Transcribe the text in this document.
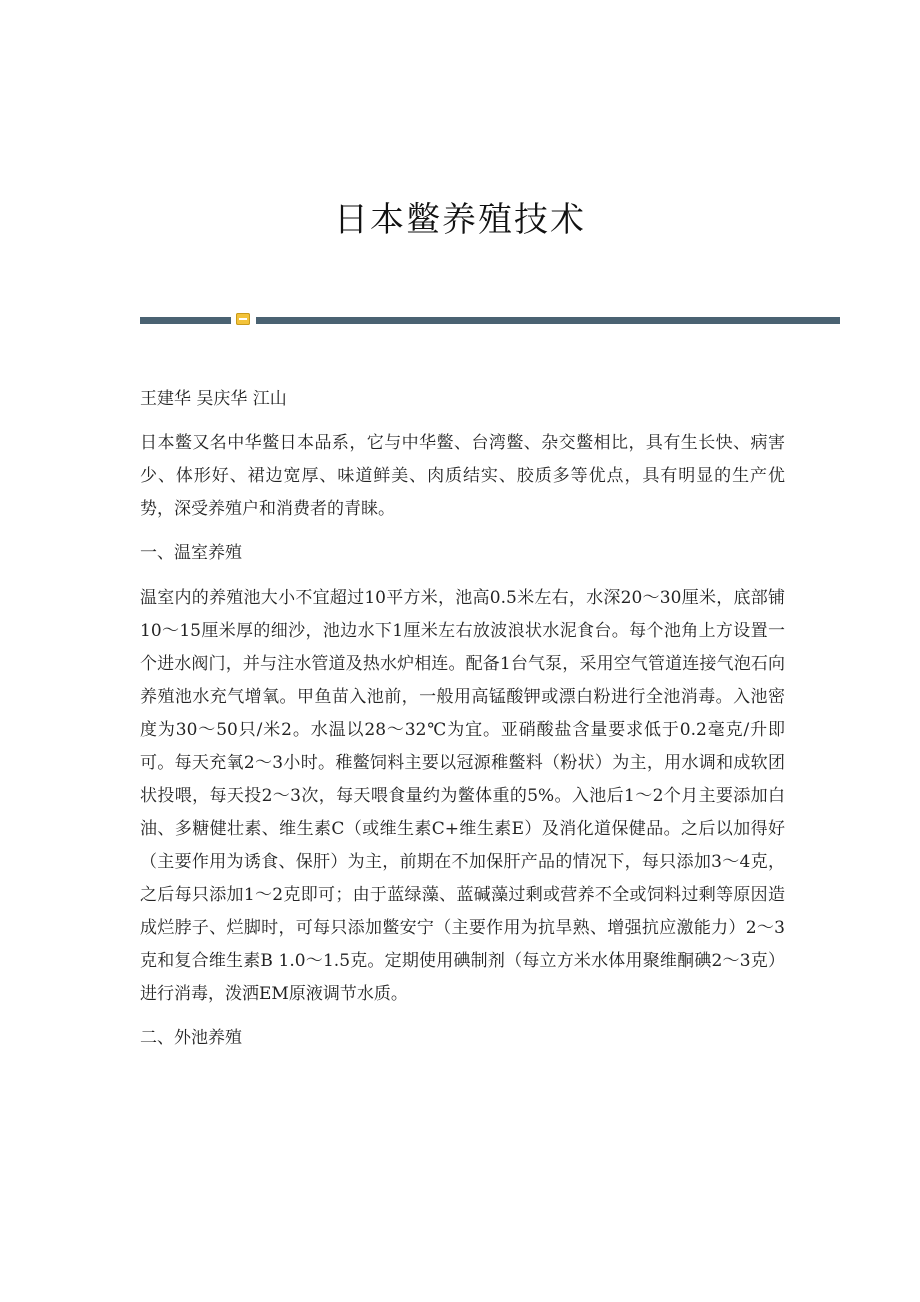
日本鳖养殖技术

王建华 吴庆华 江山

日本鳖又名中华鳖日本品系，它与中华鳖、台湾鳖、杂交鳖相比，具有生长快、病害少、体形好、裙边宽厚、味道鲜美、肉质结实、胶质多等优点，具有明显的生产优势，深受养殖户和消费者的青睐。

一、温室养殖

温室内的养殖池大小不宜超过10平方米，池高0.5米左右，水深20～30厘米，底部铺10～15厘米厚的细沙，池边水下1厘米左右放波浪状水泥食台。每个池角上方设置一个进水阀门，并与注水管道及热水炉相连。配备1台气泵，采用空气管道连接气泡石向养殖池水充气增氧。甲鱼苗入池前，一般用高锰酸钾或漂白粉进行全池消毒。入池密度为30～50只/米2。水温以28～32℃为宜。亚硝酸盐含量要求低于0.2毫克/升即可。每天充氧2～3小时。稚鳖饲料主要以冠源稚鳖料（粉状）为主，用水调和成软团状投喂，每天投2～3次，每天喂食量约为鳖体重的5%。入池后1～2个月主要添加白油、多糖健壮素、维生素C（或维生素C+维生素E）及消化道保健品。之后以加得好（主要作用为诱食、保肝）为主，前期在不加保肝产品的情况下，每只添加3～4克，之后每只添加1～2克即可；由于蓝绿藻、蓝碱藻过剩或营养不全或饲料过剩等原因造成烂脖子、烂脚时，可每只添加鳖安宁（主要作用为抗旱熟、增强抗应激能力）2～3克和复合维生素B 1.0～1.5克。定期使用碘制剂（每立方米水体用聚维酮碘2～3克）进行消毒，泼洒EM原液调节水质。

二、外池养殖
